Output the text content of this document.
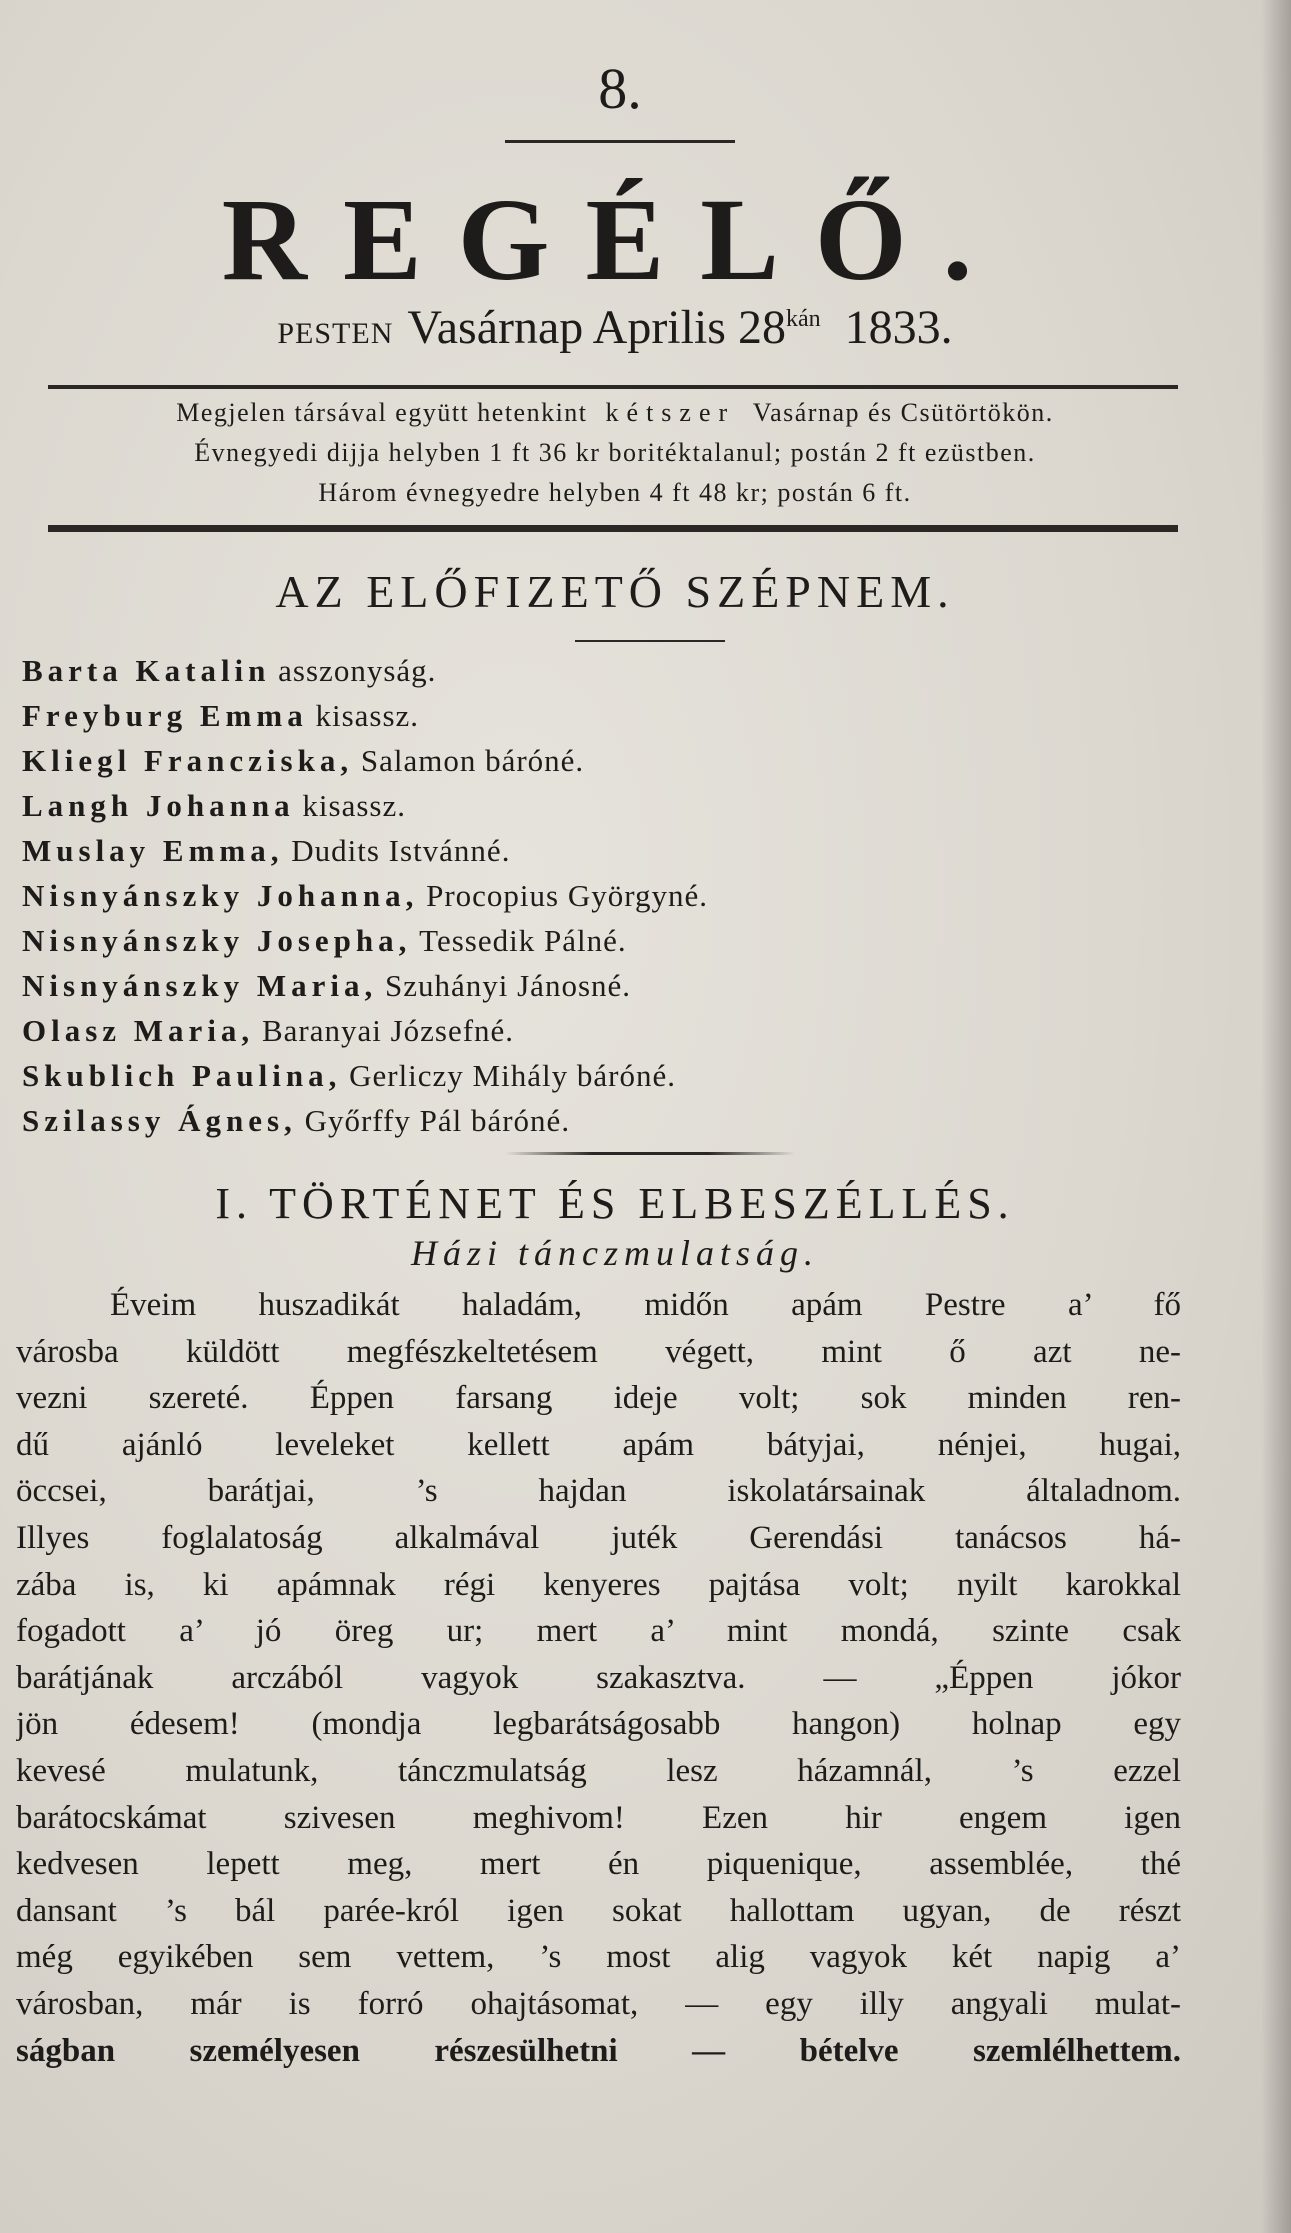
8.
REGÉLŐ.
PESTEN Vasárnap Aprilis $28^{kán}$ 1833.
Megjelen társával együtt hetenkint kétszer Vasárnap és Csütörtökön.
Évnegyedi dijja helyben 1 ft 36 kr boritéktalanul; postán 2 ft ezüstben.
Három évnegyedre helyben 4 ft 48 kr; postán 6 ft.
AZ ELŐFIZETŐ SZÉPNEM.
Barta Katalin asszonyság.
Freyburg Emma kisassz.
Kliegl Francziska, Salamon báróné.
Langh Johanna kisassz.
Muslay Emma, Dudits Istvánné.
Nisnyánszky Johanna, Procopius Györgyné.
Nisnyánszky Josepha, Tessedik Pálné.
Nisnyánszky Maria, Szuhányi Jánosné.
Olasz Maria, Baranyai Józsefné.
Skublich Paulina, Gerliczy Mihály báróné.
Szilassy Ágnes, Győrffy Pál báróné.
I. TÖRTÉNET ÉS ELBESZÉLLÉS.
Házi tánczmulatság.
Éveim huszadikát haladám, midőn apám Pestre a’ fő
városba küldött megfészkeltetésem végett, mint ő azt ne-
vezni szereté. Éppen farsang ideje volt; sok minden ren-
dű ajánló leveleket kellett apám bátyjai, nénjei, hugai,
öccsei, barátjai, ’s hajdan iskolatársainak általadnom.
Illyes foglalatoság alkalmával juték Gerendási tanácsos há-
zába is, ki apámnak régi kenyeres pajtása volt; nyilt karokkal
fogadott a’ jó öreg ur; mert a’ mint mondá, szinte csak
barátjának arczából vagyok szakasztva. — „Éppen jókor
jön édesem! (mondja legbarátságosabb hangon) holnap egy
kevesé mulatunk, tánczmulatság lesz házamnál, ’s ezzel
barátocskámat szivesen meghivom! Ezen hir engem igen
kedvesen lepett meg, mert én piquenique, assemblée, thé
dansant ’s bál parée-król igen sokat hallottam ugyan, de részt
még egyikében sem vettem, ’s most alig vagyok két napig a’
városban, már is forró ohajtásomat, — egy illy angyali mulat-
ságban személyesen részesülhetni — bételve szemlélhettem.
